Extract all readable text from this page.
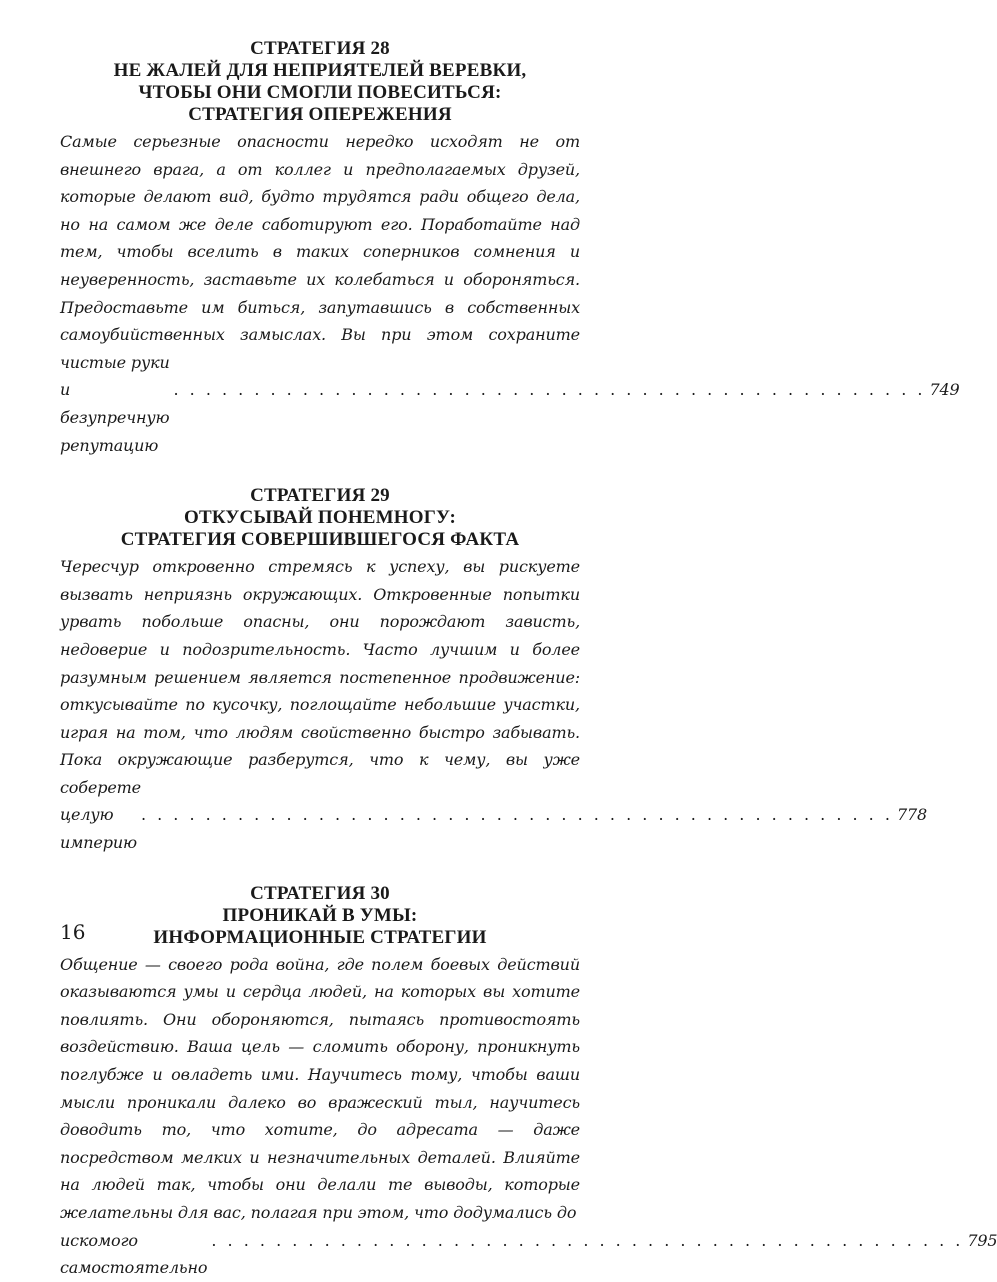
СТРАТЕГИЯ 28
НЕ ЖАЛЕЙ ДЛЯ НЕПРИЯТЕЛЕЙ ВЕРЕВКИ,
ЧТОБЫ ОНИ СМОГЛИ ПОВЕСИТЬСЯ:
СТРАТЕГИЯ ОПЕРЕЖЕНИЯ
Самые серьезные опасности нередко исходят не от внешнего врага, а от коллег и предполагаемых друзей, которые делают вид, будто трудятся ради общего дела, но на самом же деле саботируют его. Поработайте над тем, чтобы вселить в таких соперников сомнения и неуверенность, заставьте их колебаться и обороняться. Предоставьте им биться, запутавшись в собственных самоубийственных замыслах. Вы при этом сохраните чистые руки
и безупречную репутацию
. . . . . . . . . . . . . . . . . . . . . . . . . . . . . . . . . . . . . . . . . . . . . . . 749
СТРАТЕГИЯ 29
ОТКУСЫВАЙ ПОНЕМНОГУ:
СТРАТЕГИЯ СОВЕРШИВШЕГОСЯ ФАКТА
Чересчур откровенно стремясь к успеху, вы рискуете вызвать неприязнь окружающих. Откровенные попытки урвать побольше опасны, они порождают зависть, недоверие и подозрительность. Часто лучшим и более разумным решением является постепенное продвижение: откусывайте по кусочку, поглощайте небольшие участки, играя на том, что людям свойственно быстро забывать. Пока окружающие разберутся, что к чему, вы уже соберете
целую империю
. . . . . . . . . . . . . . . . . . . . . . . . . . . . . . . . . . . . . . . . . . . . . . . 778
СТРАТЕГИЯ 30
ПРОНИКАЙ В УМЫ:
ИНФОРМАЦИОННЫЕ СТРАТЕГИИ
Общение — своего рода война, где полем боевых действий оказываются умы и сердца людей, на которых вы хотите повлиять. Они обороняются, пытаясь противостоять воздействию. Ваша цель — сломить оборону, проникнуть поглубже и овладеть ими. Научитесь тому, чтобы ваши мысли проникали далеко во вражеский тыл, научитесь доводить то, что хотите, до адресата — даже посредством мелких и незначительных деталей. Влияйте на людей так, чтобы они делали те выводы, которые желательны для вас, полагая при этом, что додумались до
искомого самостоятельно
. . . . . . . . . . . . . . . . . . . . . . . . . . . . . . . . . . . . . . . . . . . . . . . 795
16
